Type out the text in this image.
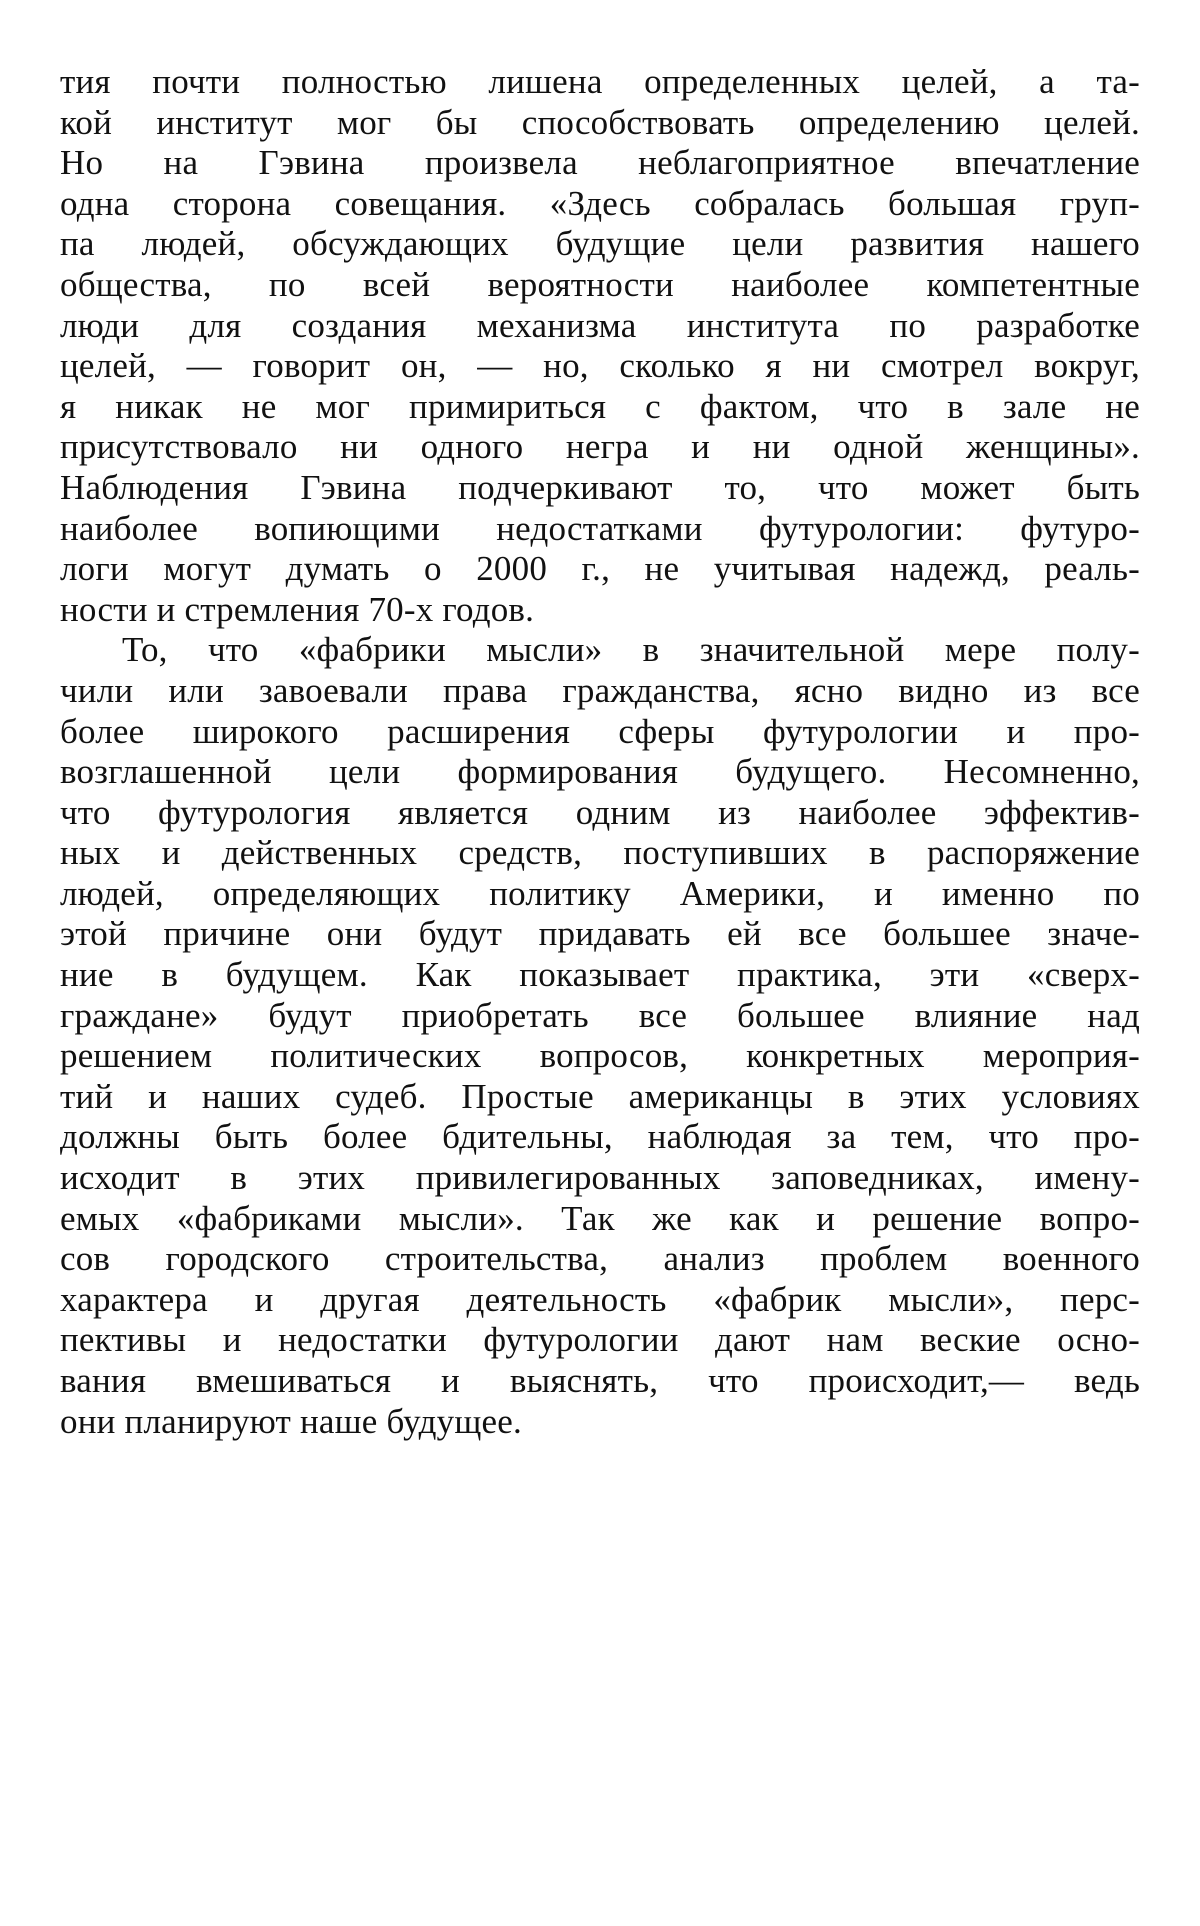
тия почти полностью лишена определенных целей, а та-
кой институт мог бы способствовать определению целей.
Но на Гэвина произвела неблагоприятное впечатление
одна сторона совещания. «Здесь собралась большая груп-
па людей, обсуждающих будущие цели развития нашего
общества, по всей вероятности наиболее компетентные
люди для создания механизма института по разработке
целей, — говорит он, — но, сколько я ни смотрел вокруг,
я никак не мог примириться с фактом, что в зале не
присутствовало ни одного негра и ни одной женщины».
Наблюдения Гэвина подчеркивают то, что может быть
наиболее вопиющими недостатками футурологии: футуро-
логи могут думать о 2000 г., не учитывая надежд, реаль-
ности и стремления 70-х годов.
То, что «фабрики мысли» в значительной мере полу-
чили или завоевали права гражданства, ясно видно из все
более широкого расширения сферы футурологии и про-
возглашенной цели формирования будущего. Несомненно,
что футурология является одним из наиболее эффектив-
ных и действенных средств, поступивших в распоряжение
людей, определяющих политику Америки, и именно по
этой причине они будут придавать ей все большее значе-
ние в будущем. Как показывает практика, эти «сверх-
граждане» будут приобретать все большее влияние над
решением политических вопросов, конкретных мероприя-
тий и наших судеб. Простые американцы в этих условиях
должны быть более бдительны, наблюдая за тем, что про-
исходит в этих привилегированных заповедниках, имену-
емых «фабриками мысли». Так же как и решение вопро-
сов городского строительства, анализ проблем военного
характера и другая деятельность «фабрик мысли», перс-
пективы и недостатки футурологии дают нам веские осно-
вания вмешиваться и выяснять, что происходит,— ведь
они планируют наше будущее.
